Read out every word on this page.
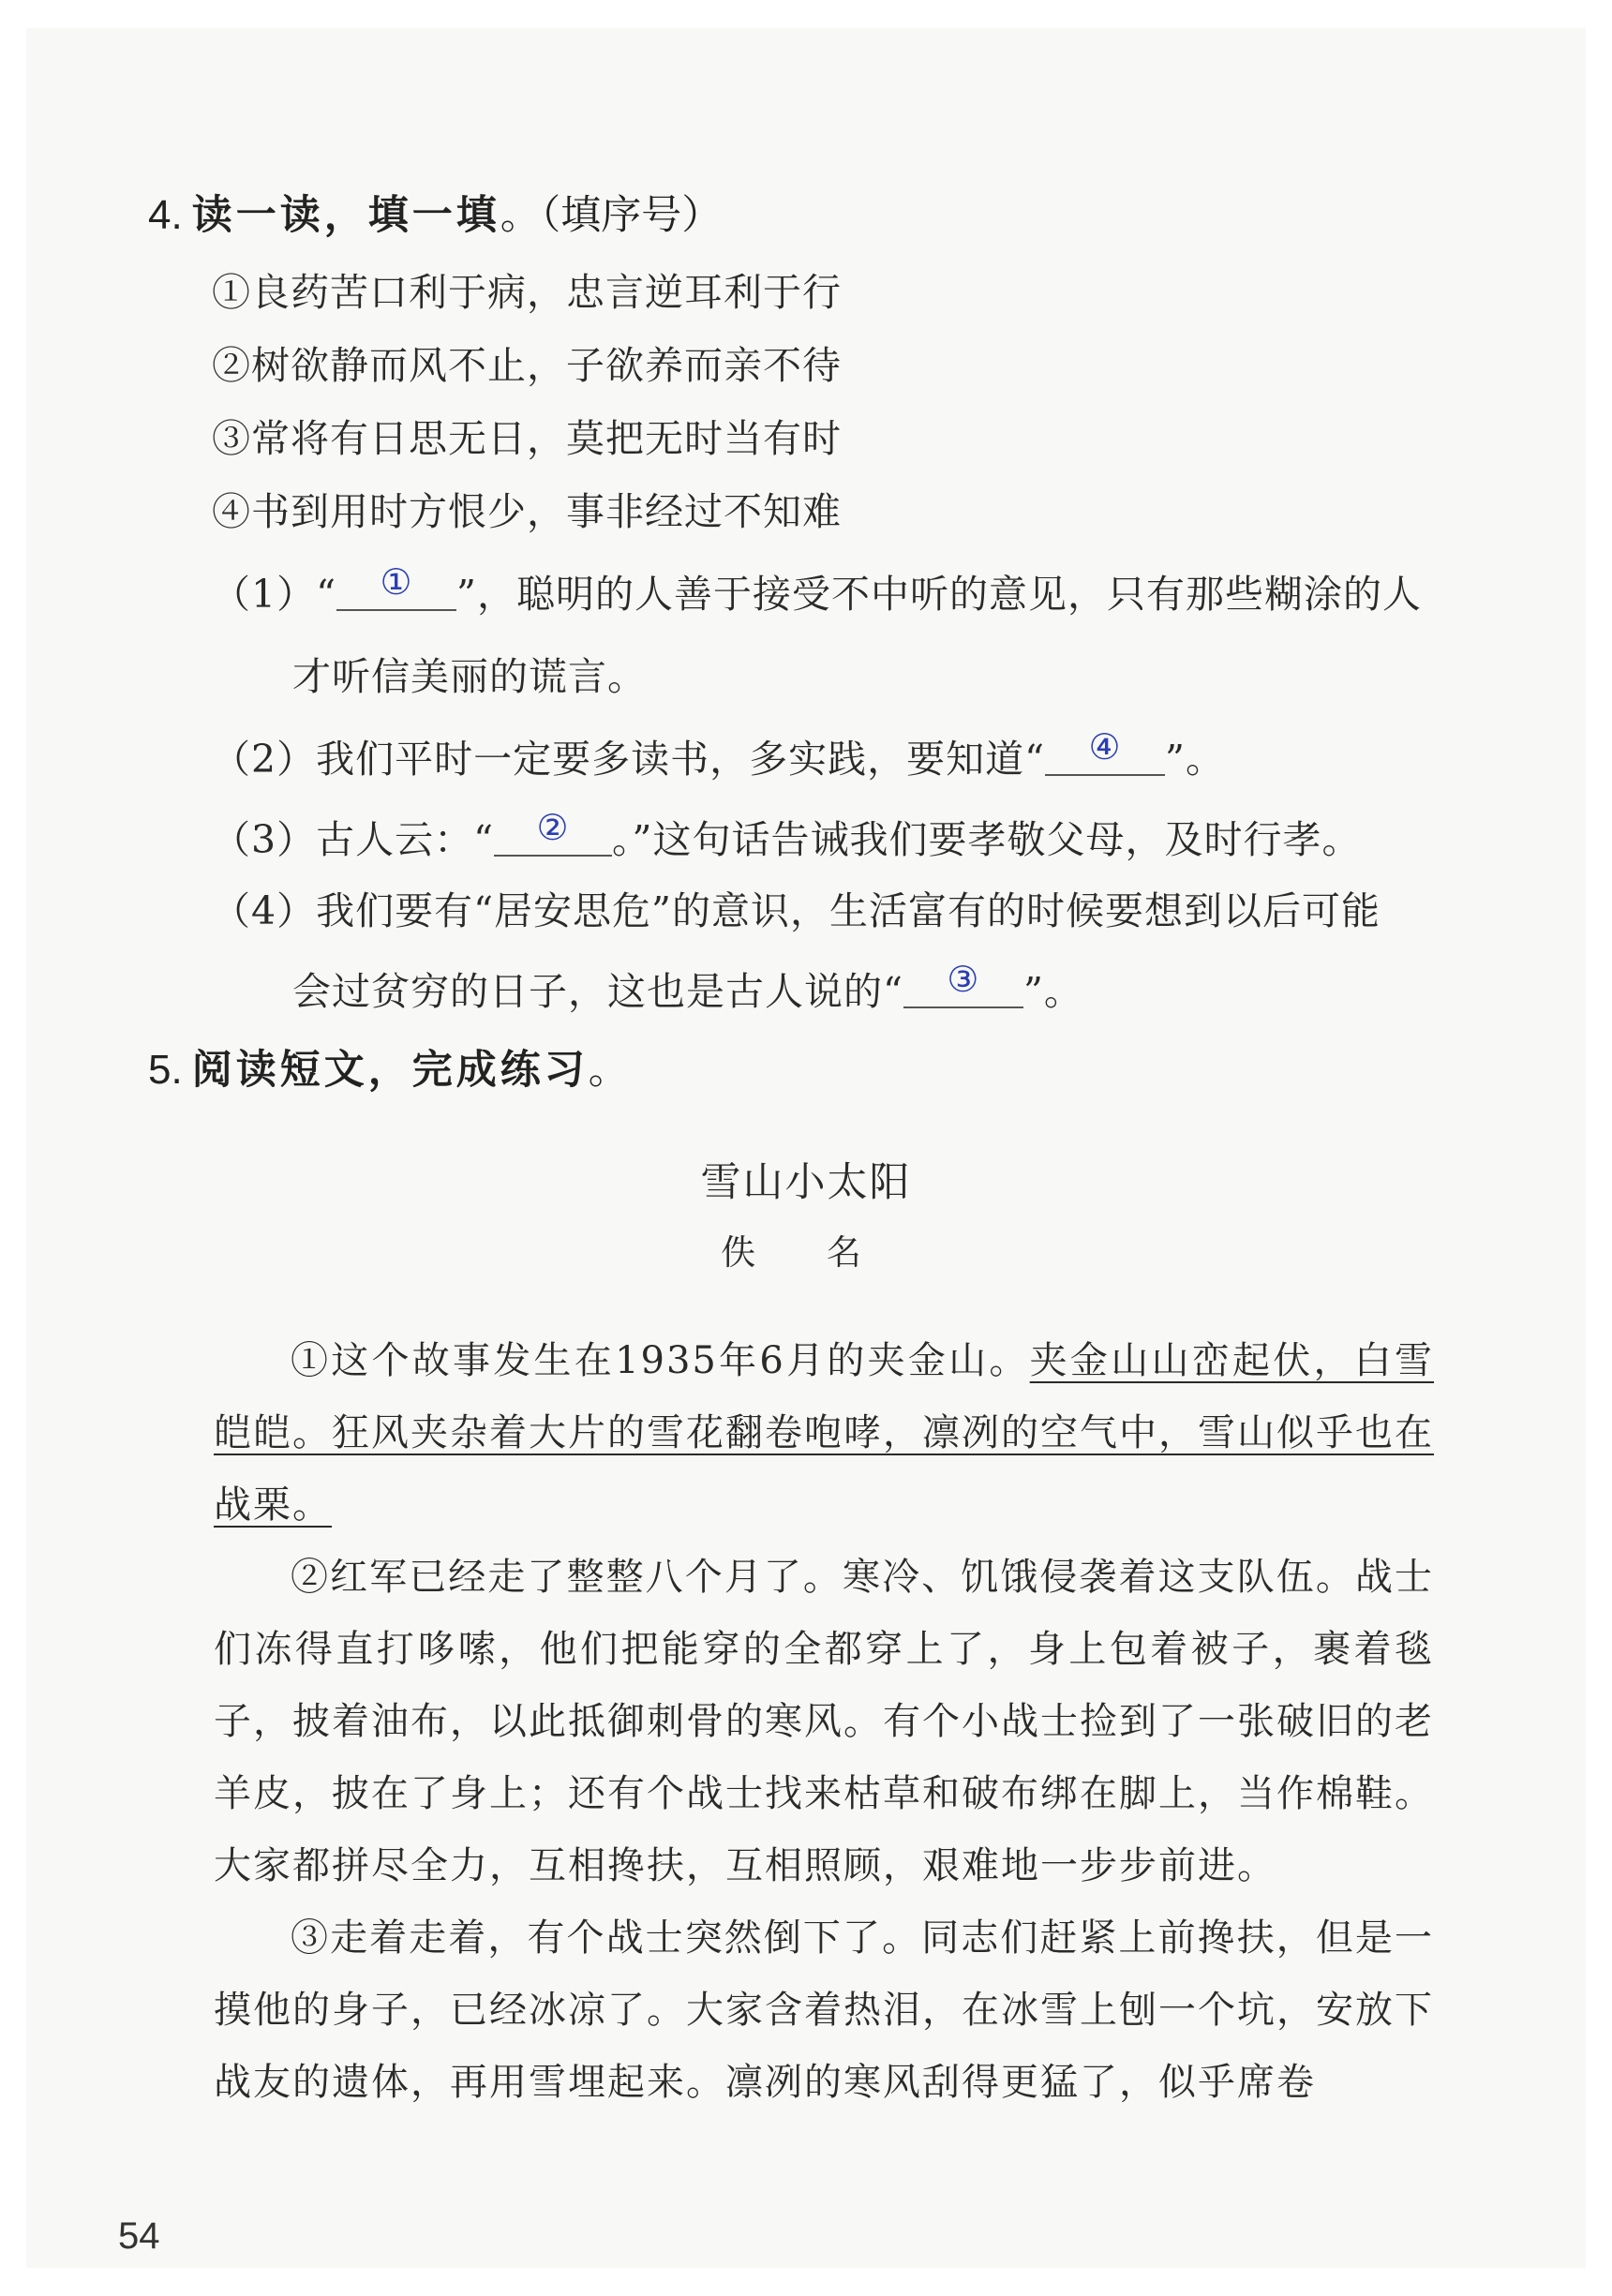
4. 读一读，填一填。（填序号）
①良药苦口利于病，忠言逆耳利于行
②树欲静而风不止，子欲养而亲不待
③常将有日思无日，莫把无时当有时
④书到用时方恨少，事非经过不知难
（1）“	①	”，聪明的人善于接受不中听的意见，只有那些糊涂的人
才听信美丽的谎言。
（2）我们平时一定要多读书，多实践，要知道“	④	”。
（3）古人云：“	②	。”这句话告诫我们要孝敬父母，及时行孝。
（4）我们要有“居安思危”的意识，生活富有的时候要想到以后可能
会过贫穷的日子，这也是古人说的“	③	”。
5. 阅读短文，完成练习。
雪山小太阳
佚 名

①这个故事发生在1935年6月的夹金山。夹金山山峦起伏，白雪皑皑。狂风夹杂着大片的雪花翻卷咆哮，凛冽的空气中，雪山似乎也在战栗。

②红军已经走了整整八个月了。寒冷、饥饿侵袭着这支队伍。战士们冻得直打哆嗦，他们把能穿的全都穿上了，身上包着被子，裹着毯子，披着油布，以此抵御刺骨的寒风。有个小战士捡到了一张破旧的老羊皮，披在了身上；还有个战士找来枯草和破布绑在脚上，当作棉鞋。大家都拼尽全力，互相搀扶，互相照顾，艰难地一步步前进。

③走着走着，有个战士突然倒下了。同志们赶紧上前搀扶，但是一摸他的身子，已经冰凉了。大家含着热泪，在冰雪上刨一个坑，安放下战友的遗体，再用雪埋起来。凛冽的寒风刮得更猛了，似乎席卷

54
